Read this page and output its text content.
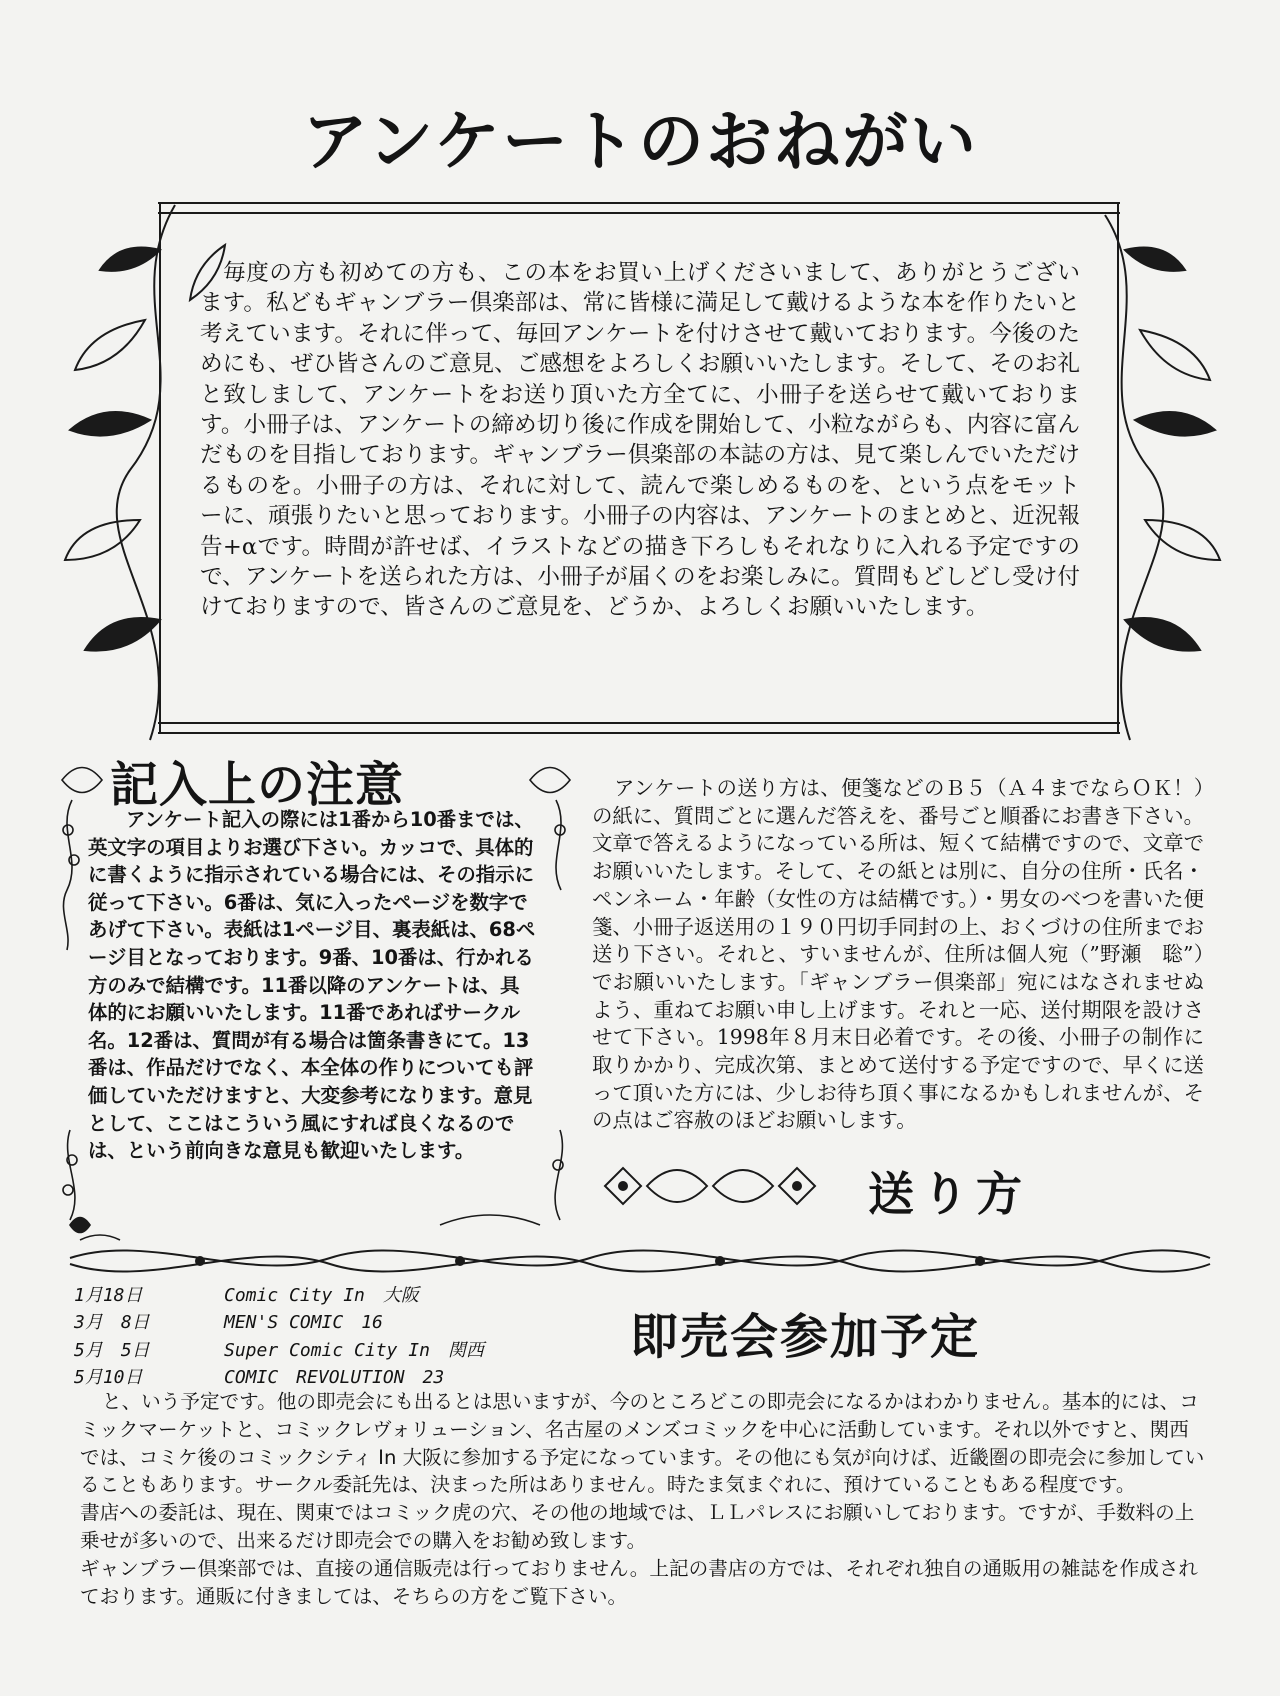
アンケートのおねがい
毎度の方も初めての方も、この本をお買い上げくださいまして、ありがとうございます。私どもギャンブラー倶楽部は、常に皆様に満足して戴けるような本を作りたいと考えています。それに伴って、毎回アンケートを付けさせて戴いております。今後のためにも、ぜひ皆さんのご意見、ご感想をよろしくお願いいたします。そして、そのお礼と致しまして、アンケートをお送り頂いた方全てに、小冊子を送らせて戴いております。小冊子は、アンケートの締め切り後に作成を開始して、小粒ながらも、内容に富んだものを目指しております。ギャンブラー倶楽部の本誌の方は、見て楽しんでいただけるものを。小冊子の方は、それに対して、読んで楽しめるものを、という点をモットーに、頑張りたいと思っております。小冊子の内容は、アンケートのまとめと、近況報告+αです。時間が許せば、イラストなどの描き下ろしもそれなりに入れる予定ですので、アンケートを送られた方は、小冊子が届くのをお楽しみに。質問もどしどし受け付けておりますので、皆さんのご意見を、どうか、よろしくお願いいたします。
記入上の注意
アンケート記入の際には1番から10番までは、英文字の項目よりお選び下さい。カッコで、具体的に書くように指示されている場合には、その指示に従って下さい。6番は、気に入ったページを数字であげて下さい。表紙は1ページ目、裏表紙は、68ページ目となっております。9番、10番は、行かれる方のみで結構です。11番以降のアンケートは、具体的にお願いいたします。11番であればサークル名。12番は、質問が有る場合は箇条書きにて。13番は、作品だけでなく、本全体の作りについても評価していただけますと、大変参考になります。意見として、ここはこういう風にすれば良くなるのでは、という前向きな意見も歓迎いたします。
アンケートの送り方は、便箋などのＢ５（Ａ４までならＯＫ！）の紙に、質問ごとに選んだ答えを、番号ごと順番にお書き下さい。文章で答えるようになっている所は、短くて結構ですので、文章でお願いいたします。そして、その紙とは別に、自分の住所・氏名・ペンネーム・年齢（女性の方は結構です。）・男女のべつを書いた便箋、小冊子返送用の１９０円切手同封の上、おくづけの住所までお送り下さい。それと、すいませんが、住所は個人宛（”野瀬　聡”）でお願いいたします。「ギャンブラー倶楽部」宛にはなされませぬよう、重ねてお願い申し上げます。それと一応、送付期限を設けさせて下さい。1998年８月末日必着です。その後、小冊子の制作に取りかかり、完成次第、まとめて送付する予定ですので、早くに送って頂いた方には、少しお待ち頂く事になるかもしれませんが、その点はご容赦のほどお願いします。
送り方
1月18日	Comic City In　大阪
3月　8日	MEN'S COMIC　16
5月　5日	Super Comic City In　関西
5月10日	COMIC　REVOLUTION　23
即売会参加予定

と、いう予定です。他の即売会にも出るとは思いますが、今のところどこの即売会になるかはわかりません。基本的には、コミックマーケットと、コミックレヴォリューション、名古屋のメンズコミックを中心に活動しています。それ以外ですと、関西では、コミケ後のコミックシティ In 大阪に参加する予定になっています。その他にも気が向けば、近畿圏の即売会に参加していることもあります。サークル委託先は、決まった所はありません。時たま気まぐれに、預けていることもある程度です。

書店への委託は、現在、関東ではコミック虎の穴、その他の地域では、ＬＬパレスにお願いしております。ですが、手数料の上乗せが多いので、出来るだけ即売会での購入をお勧め致します。

ギャンブラー倶楽部では、直接の通信販売は行っておりません。上記の書店の方では、それぞれ独自の通販用の雑誌を作成されております。通販に付きましては、そちらの方をご覧下さい。
